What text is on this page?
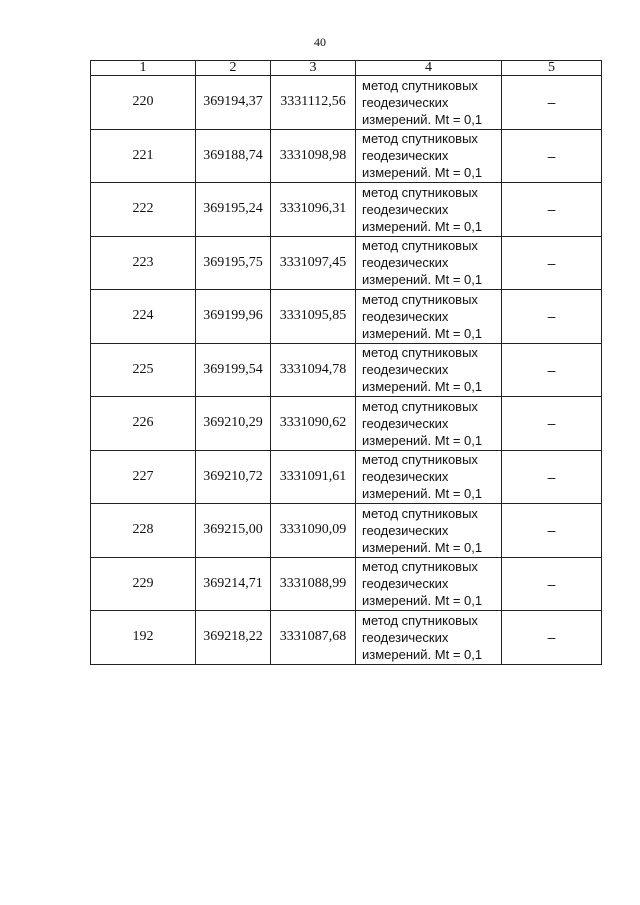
40
1	2	3	4	5
220	369194,37	3331112,56	метод спутниковых
геодезических
измерений. Mt = 0,1	–
221	369188,74	3331098,98	метод спутниковых
геодезических
измерений. Mt = 0,1	–
222	369195,24	3331096,31	метод спутниковых
геодезических
измерений. Mt = 0,1	–
223	369195,75	3331097,45	метод спутниковых
геодезических
измерений. Mt = 0,1	–
224	369199,96	3331095,85	метод спутниковых
геодезических
измерений. Mt = 0,1	–
225	369199,54	3331094,78	метод спутниковых
геодезических
измерений. Mt = 0,1	–
226	369210,29	3331090,62	метод спутниковых
геодезических
измерений. Mt = 0,1	–
227	369210,72	3331091,61	метод спутниковых
геодезических
измерений. Mt = 0,1	–
228	369215,00	3331090,09	метод спутниковых
геодезических
измерений. Mt = 0,1	–
229	369214,71	3331088,99	метод спутниковых
геодезических
измерений. Mt = 0,1	–
192	369218,22	3331087,68	метод спутниковых
геодезических
измерений. Mt = 0,1	–
